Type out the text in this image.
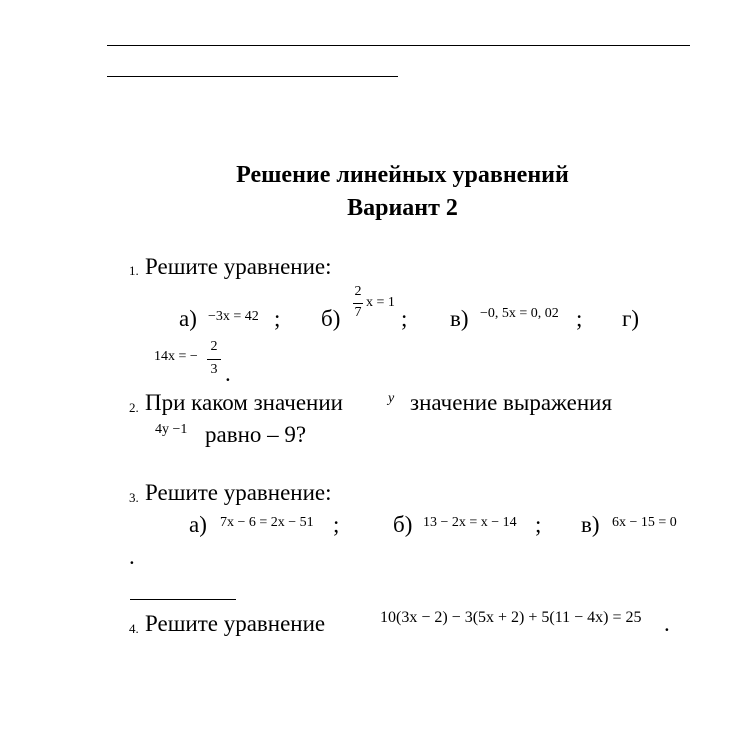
Решение линейных уравнений
Вариант 2
1. Решите уравнение:
а) −3x = 42 ; б)
2
7
x = 1
; в) −0, 5x = 0, 02 ; г)
14x = −
2
3 .
2. При каком значении	y значение выражения
4y −1 равно – 9?
3. Решите уравнение:
а) 7x − 6 = 2x − 51 ; б) 13 − 2x = x − 14 ; в) 6x − 15 = 0
.
4. Решите уравнение	10(3x − 2) − 3(5x + 2) + 5(11 − 4x) = 25 .
